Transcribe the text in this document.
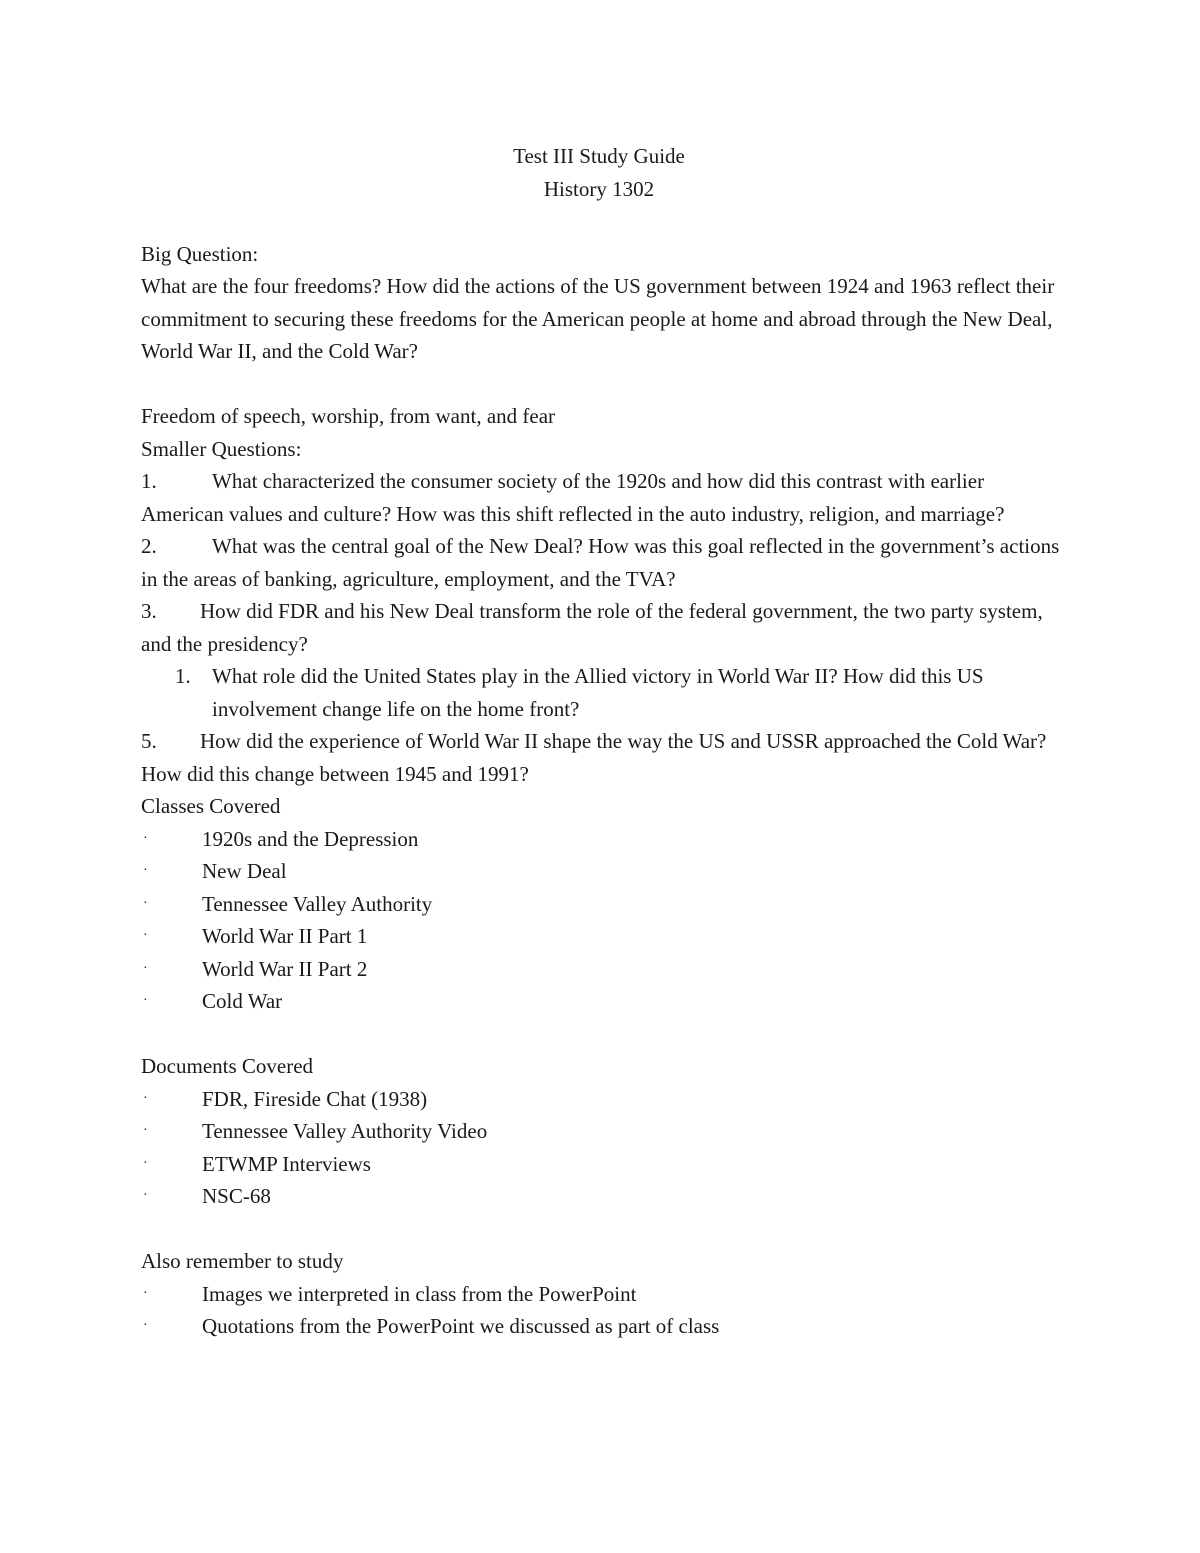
Test III Study Guide

History 1302

Big Question:

What are the four freedoms? How did the actions of the US government between 1924 and 1963 reflect their commitment to securing these freedoms for the American people at home and abroad through the New Deal, World War II, and the Cold War?

Freedom of speech, worship, from want, and fear

Smaller Questions:

1.	What characterized the consumer society of the 1920s and how did this contrast with earlier American values and culture? How was this shift reflected in the auto industry, religion, and marriage?

2.	What was the central goal of the New Deal? How was this goal reflected in the government’s actions in the areas of banking, agriculture, employment, and the TVA?

3. How did FDR and his New Deal transform the role of the federal government, the two party system, and the presidency?

1.	What role did the United States play in the Allied victory in World War II? How did this US involvement change life on the home front?

5. How did the experience of World War II shape the way the US and USSR approached the Cold War? How did this change between 1945 and 1991?

Classes Covered

·	1920s and the Depression
·	New Deal
·	Tennessee Valley Authority
·	World War II Part 1
·	World War II Part 2
·	Cold War

Documents Covered

·	FDR, Fireside Chat (1938)
·	Tennessee Valley Authority Video
·	ETWMP Interviews
·	NSC-68

Also remember to study

·	Images we interpreted in class from the PowerPoint
·	Quotations from the PowerPoint we discussed as part of class
